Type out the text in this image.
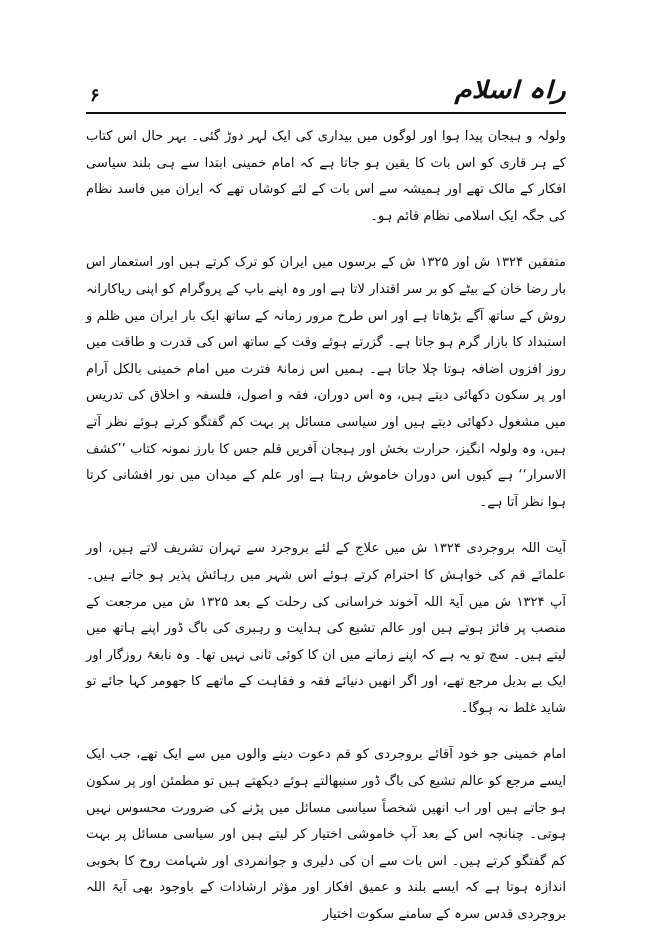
۶	راہ اسلام

ولولہ و ہیجان پیدا ہوا اور لوگوں میں بیداری کی ایک لہر دوڑ گئی۔ بہر حال اس کتاب کے ہر قاری کو اس بات کا یقین ہو جاتا ہے کہ امام خمینی ابتدا سے ہی بلند سیاسی افکار کے مالک تھے اور ہمیشہ سے اس بات کے لئے کوشاں تھے کہ ایران میں فاسد نظام کی جگہ ایک اسلامی نظام قائم ہو۔

متفقین ۱۳۲۴ ش اور ۱۳۲۵ ش کے برسوں میں ایران کو ترک کرتے ہیں اور استعمار اس بار رضا خان کے بیٹے کو بر سر اقتدار لاتا ہے اور وہ اپنے باپ کے پروگرام کو اپنی ریاکارانہ روش کے ساتھ آگے بڑھاتا ہے اور اس طرح مرور زمانہ کے ساتھ ایک بار ایران میں ظلم و استبداد کا بازار گرم ہو جاتا ہے۔ گزرتے ہوئے وقت کے ساتھ اس کی قدرت و طاقت میں روز افزوں اضافہ ہوتا چلا جاتا ہے۔ ہمیں اس زمانۂ فترت میں امام خمینی بالکل آرام اور پر سکون دکھائی دیتے ہیں، وہ اس دوران، فقہ و اصول، فلسفہ و اخلاق کی تدریس میں مشغول دکھائی دیتے ہیں اور سیاسی مسائل پر بہت کم گفتگو کرتے ہوئے نظر آتے ہیں، وہ ولولہ انگیز، حرارت بخش اور ہیجان آفریں قلم جس کا بارز نمونہ کتاب ’’کشف الاسرار‘‘ ہے کیوں اس دوران خاموش رہتا ہے اور علم کے میدان میں نور افشانی کرتا ہوا نظر آتا ہے۔

آیت اللہ بروجردی ۱۳۲۴ ش میں علاج کے لئے بروجرد سے تہران تشریف لاتے ہیں، اور علمائے قم کی خواہش کا احترام کرتے ہوئے اس شہر میں رہائش پذیر ہو جاتے ہیں۔ آپ ۱۳۲۴ ش میں آیۃ اللہ آخوند خراسانی کی رحلت کے بعد ۱۳۲۵ ش میں مرجعت کے منصب پر فائز ہوتے ہیں اور عالم تشیع کی ہدایت و رہبری کی باگ ڈور اپنے ہاتھ میں لیتے ہیں۔ سچ تو یہ ہے کہ اپنے زمانے میں ان کا کوئی ثانی نہیں تھا۔ وہ نابغۂ روزگار اور ایک بے بدیل مرجع تھے، اور اگر انھیں دنیائے فقہ و فقاہت کے ماتھے کا جھومر کہا جائے تو شاید غلط نہ ہوگا۔

امام خمینی جو خود آقائے بروجردی کو قم دعوت دینے والوں میں سے ایک تھے، جب ایک ایسے مرجع کو عالم تشیع کی باگ ڈور سنبھالتے ہوئے دیکھتے ہیں تو مطمئن اور پر سکون ہو جاتے ہیں اور اب انھیں شخصاً سیاسی مسائل میں پڑنے کی ضرورت محسوس نہیں ہوتی۔ چنانچہ اس کے بعد آپ خاموشی اختیار کر لیتے ہیں اور سیاسی مسائل پر بہت کم گفتگو کرتے ہیں۔ اس بات سے ان کی دلیری و جوانمردی اور شہامت روح کا بخوبی اندازہ ہوتا ہے کہ ایسے بلند و عمیق افکار اور مؤثر ارشادات کے باوجود بھی آیۃ اللہ بروجردی قدس سرہ کے سامنے سکوت اختیار
